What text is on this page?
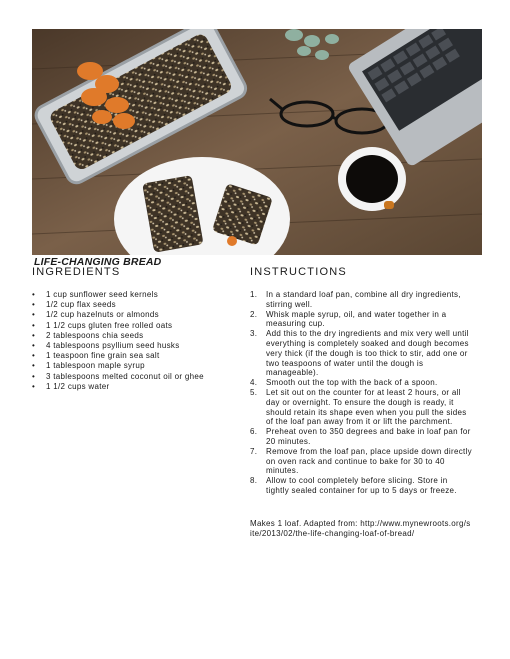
LIFE-CHANGING BREAD
INGREDIENTS	INSTRUCTIONS
• 1 cup sunflower seed kernels
• 1/2 cup flax seeds
• 1/2 cup hazelnuts or almonds
• 1 1/2 cups gluten free rolled oats
• 2 tablespoons chia seeds
• 4 tablespoons psyllium seed husks
• 1 teaspoon fine grain sea salt
• 1 tablespoon maple syrup
• 3 tablespoons melted coconut oil or ghee
• 1 1/2 cups water
1. In a standard loaf pan, combine all dry ingredients, stirring well.
2. Whisk maple syrup, oil, and water together in a measuring cup.
3. Add this to the dry ingredients and mix very well until everything is completely soaked and dough becomes very thick (if the dough is too thick to stir, add one or two teaspoons of water until the dough is manageable).
4. Smooth out the top with the back of a spoon.
5. Let sit out on the counter for at least 2 hours, or all day or overnight. To ensure the dough is ready, it should retain its shape even when you pull the sides of the loaf pan away from it or lift the parchment.
6. Preheat oven to 350 degrees and bake in loaf pan for 20 minutes.
7. Remove from the loaf pan, place upside down directly on oven rack and continue to bake for 30 to 40 minutes.
8. Allow to cool completely before slicing. Store in tightly sealed container for up to 5 days or freeze.
Makes 1 loaf. Adapted from: http://www.mynewroots.org/site/2013/02/the-life-changing-loaf-of-bread/
